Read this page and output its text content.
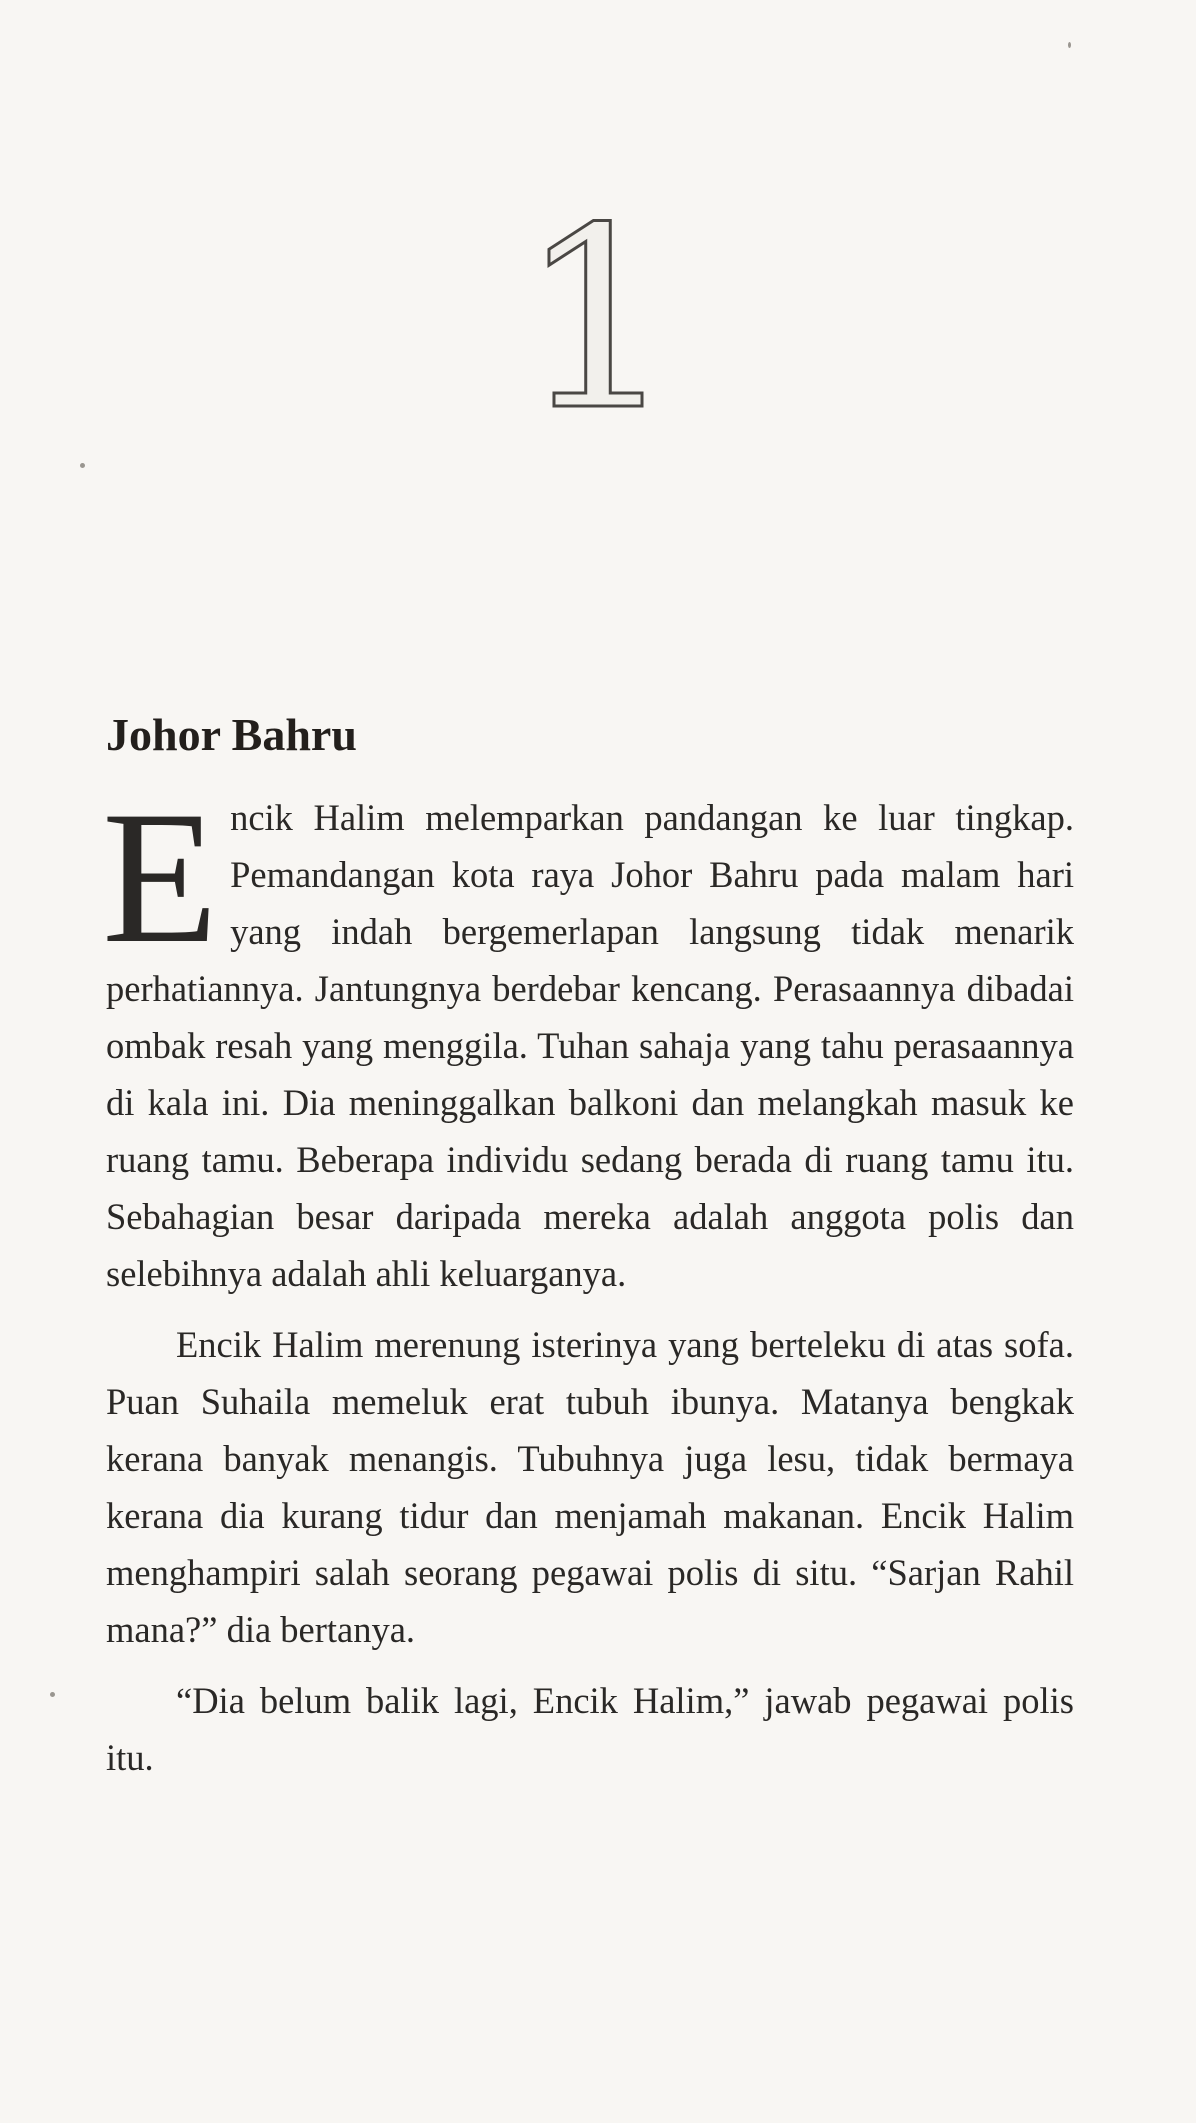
1
Johor Bahru

Encik Halim melemparkan pandangan ke luar tingkap. Pemandangan kota raya Johor Bahru pada malam hari yang indah bergemerlapan langsung tidak menarik perhatiannya. Jantungnya berdebar kencang. Perasaannya dibadai ombak resah yang menggila. Tuhan sahaja yang tahu perasaannya di kala ini. Dia meninggalkan balkoni dan melangkah masuk ke ruang tamu. Beberapa individu sedang berada di ruang tamu itu. Sebahagian besar daripada mereka adalah anggota polis dan selebihnya adalah ahli keluarganya.

Encik Halim merenung isterinya yang berteleku di atas sofa. Puan Suhaila memeluk erat tubuh ibunya. Matanya bengkak kerana banyak menangis. Tubuhnya juga lesu, tidak bermaya kerana dia kurang tidur dan menjamah makanan. Encik Halim menghampiri salah seorang pegawai polis di situ. “Sarjan Rahil mana?” dia bertanya.

“Dia belum balik lagi, Encik Halim,” jawab pegawai polis itu.
